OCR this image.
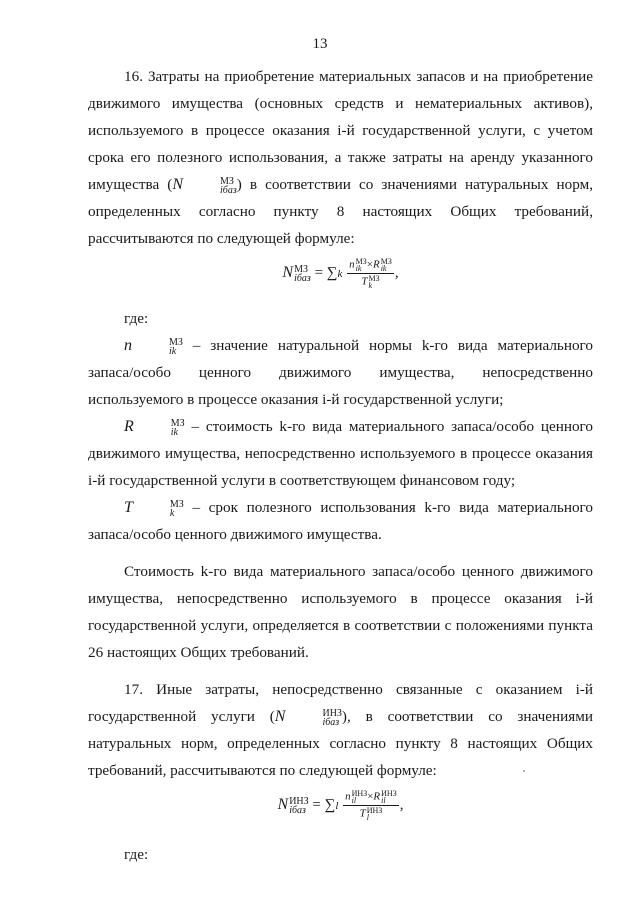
13

16. Затраты на приобретение материальных запасов и на приобретение движимого имущества (основных средств и нематериальных активов), используемого в процессе оказания i-й государственной услуги, с учетом срока его полезного использования, а также затраты на аренду указанного имущества (N	МЗ
iбаз ) в соответствии со значениями натуральных норм, определенных согласно пункту 8 настоящих Общих требований, рассчитываются по следующей формуле:

N МЗ
iбаз = ∑k n МЗ
ik ×R МЗ
ik
T МЗ
k ,

где:

n	МЗ
ik – значение натуральной нормы k-го вида материального запаса/особо ценного движимого имущества, непосредственно используемого в процессе оказания i-й государственной услуги;

R	МЗ
ik – стоимость k-го вида материального запаса/особо ценного движимого имущества, непосредственно используемого в процессе оказания i-й государственной услуги в соответствующем финансовом году;

T	МЗ
k – срок полезного использования k-го вида материального запаса/особо ценного движимого имущества.

Стоимость k-го вида материального запаса/особо ценного движимого имущества, непосредственно используемого в процессе оказания i-й государственной услуги, определяется в соответствии с положениями пункта 26 настоящих Общих требований.

17. Иные затраты, непосредственно связанные с оказанием i-й государственной услуги (N	ИНЗ
iбаз ), в соответствии со значениями натуральных норм, определенных согласно пункту 8 настоящих Общих требований, рассчитываются по следующей формуле:

N ИНЗ
iбаз = ∑l n ИНЗ
il	×R ИНЗ
il
T ИНЗ
l ,

где:
